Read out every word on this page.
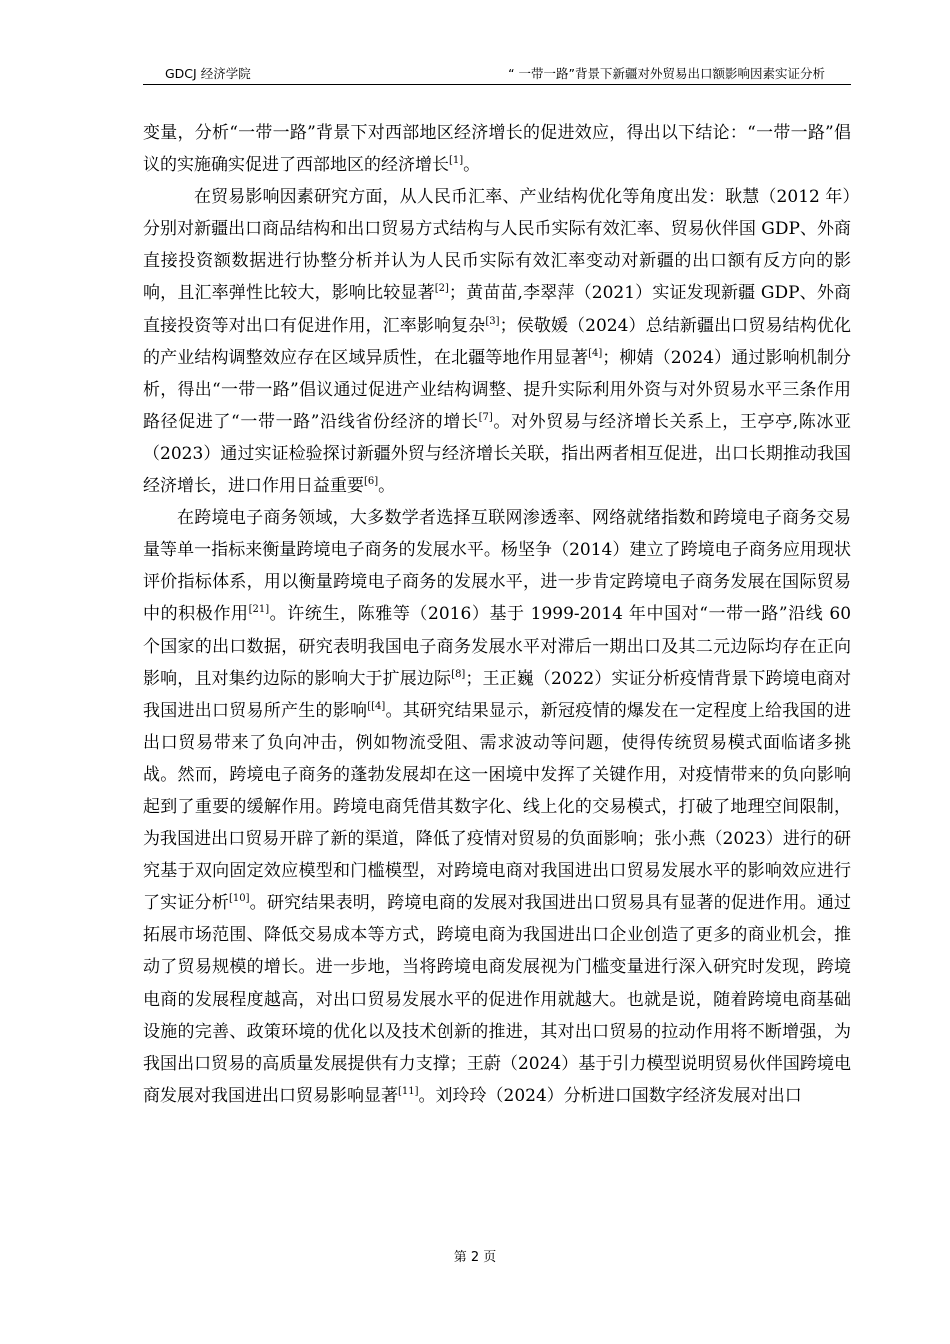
GDCJ 经济学院	“ 一带一路”背景下新疆对外贸易出口额影响因素实证分析

变量，分析“一带一路”背景下对西部地区经济增长的促进效应，得出以下结论：“一带一路”倡议的实施确实促进了西部地区的经济增长[1]。

在贸易影响因素研究方面，从人民币汇率、产业结构优化等角度出发：耿慧（2012 年）分别对新疆出口商品结构和出口贸易方式结构与人民币实际有效汇率、贸易伙伴国 GDP、外商直接投资额数据进行协整分析并认为人民币实际有效汇率变动对新疆的出口额有反方向的影响，且汇率弹性比较大，影响比较显著[2]；黄苗苗,李翠萍（2021）实证发现新疆 GDP、外商直接投资等对出口有促进作用，汇率影响复杂[3]；侯敬媛（2024）总结新疆出口贸易结构优化的产业结构调整效应存在区域异质性，在北疆等地作用显著[4]；柳婧（2024）通过影响机制分析，得出“一带一路”倡议通过促进产业结构调整、提升实际利用外资与对外贸易水平三条作用路径促进了“一带一路”沿线省份经济的增长[7]。对外贸易与经济增长关系上，王亭亭,陈冰亚（2023）通过实证检验探讨新疆外贸与经济增长关联，指出两者相互促进，出口长期推动我国经济增长，进口作用日益重要[6]。

在跨境电子商务领域，大多数学者选择互联网渗透率、网络就绪指数和跨境电子商务交易量等单一指标来衡量跨境电子商务的发展水平。杨坚争（2014）建立了跨境电子商务应用现状评价指标体系，用以衡量跨境电子商务的发展水平，进一步肯定跨境电子商务发展在国际贸易中的积极作用[21]。许统生，陈雅等（2016）基于 1999-2014 年中国对“一带一路”沿线 60 个国家的出口数据，研究表明我国电子商务发展水平对滞后一期出口及其二元边际均存在正向影响，且对集约边际的影响大于扩展边际[8]；王正巍（2022）实证分析疫情背景下跨境电商对我国进出口贸易所产生的影响[[4]。其研究结果显示，新冠疫情的爆发在一定程度上给我国的进出口贸易带来了负向冲击，例如物流受阻、需求波动等问题，使得传统贸易模式面临诸多挑战。然而，跨境电子商务的蓬勃发展却在这一困境中发挥了关键作用，对疫情带来的负向影响起到了重要的缓解作用。跨境电商凭借其数字化、线上化的交易模式，打破了地理空间限制，为我国进出口贸易开辟了新的渠道，降低了疫情对贸易的负面影响；张小燕（2023）进行的研究基于双向固定效应模型和门槛模型，对跨境电商对我国进出口贸易发展水平的影响效应进行了实证分析[10]。研究结果表明，跨境电商的发展对我国进出口贸易具有显著的促进作用。通过拓展市场范围、降低交易成本等方式，跨境电商为我国进出口企业创造了更多的商业机会，推动了贸易规模的增长。进一步地，当将跨境电商发展视为门槛变量进行深入研究时发现，跨境电商的发展程度越高，对出口贸易发展水平的促进作用就越大。也就是说，随着跨境电商基础设施的完善、政策环境的优化以及技术创新的推进，其对出口贸易的拉动作用将不断增强，为我国出口贸易的高质量发展提供有力支撑；王蔚（2024）基于引力模型说明贸易伙伴国跨境电商发展对我国进出口贸易影响显著[11]。刘玲玲（2024）分析进口国数字经济发展对出口

第 2 页
